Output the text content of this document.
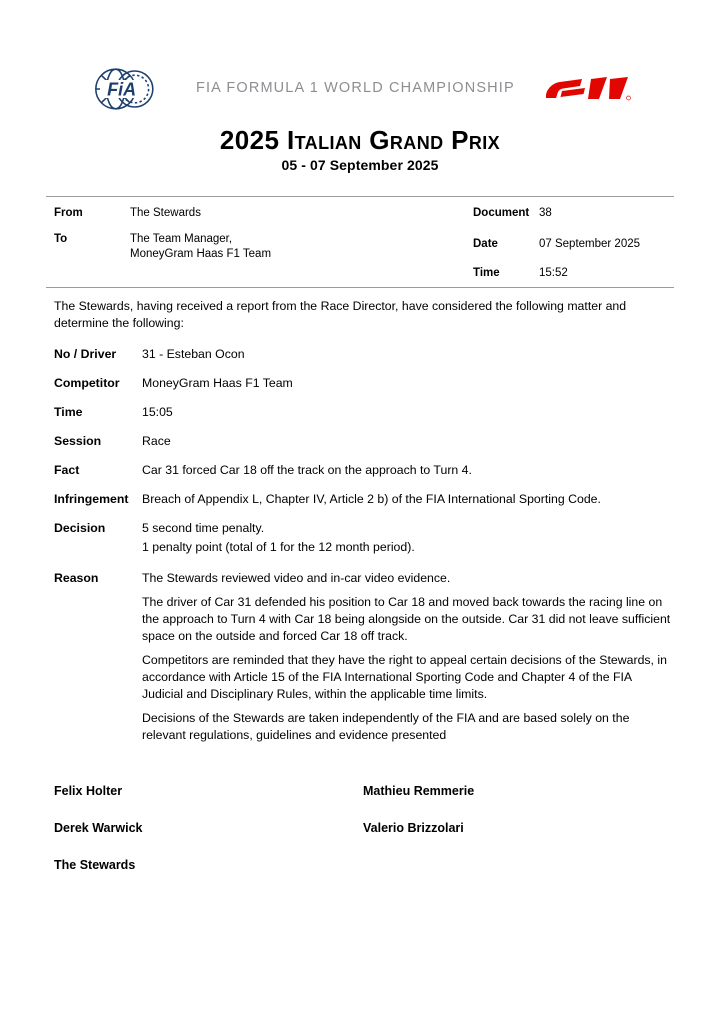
FiA	FIA FORMULA 1 WORLD CHAMPIONSHIP
2025 Italian Grand Prix
05 - 07 September 2025
From	The Stewards
To	The Team Manager,
MoneyGram Haas F1 Team
Document 38
Date	07 September 2025
Time	15:52
The Stewards, having received a report from the Race Director, have considered the following matter and determine the following:
No / Driver	31 - Esteban Ocon
Competitor	MoneyGram Haas F1 Team
Time	15:05
Session	Race
Fact	Car 31 forced Car 18 off the track on the approach to Turn 4.
Infringement	Breach of Appendix L, Chapter IV, Article 2 b) of the FIA International Sporting Code.
Decision	5 second time penalty.

1 penalty point (total of 1 for the 12 month period).

Reason	The Stewards reviewed video and in-car video evidence.

The driver of Car 31 defended his position to Car 18 and moved back towards the racing line on the approach to Turn 4 with Car 18 being alongside on the outside. Car 31 did not leave sufficient space on the outside and forced Car 18 off track.

Competitors are reminded that they have the right to appeal certain decisions of the Stewards, in accordance with Article 15 of the FIA International Sporting Code and Chapter 4 of the FIA Judicial and Disciplinary Rules, within the applicable time limits.

Decisions of the Stewards are taken independently of the FIA and are based solely on the relevant regulations, guidelines and evidence presented

Felix Holter	Mathieu Remmerie
Derek Warwick	Valerio Brizzolari
The Stewards
